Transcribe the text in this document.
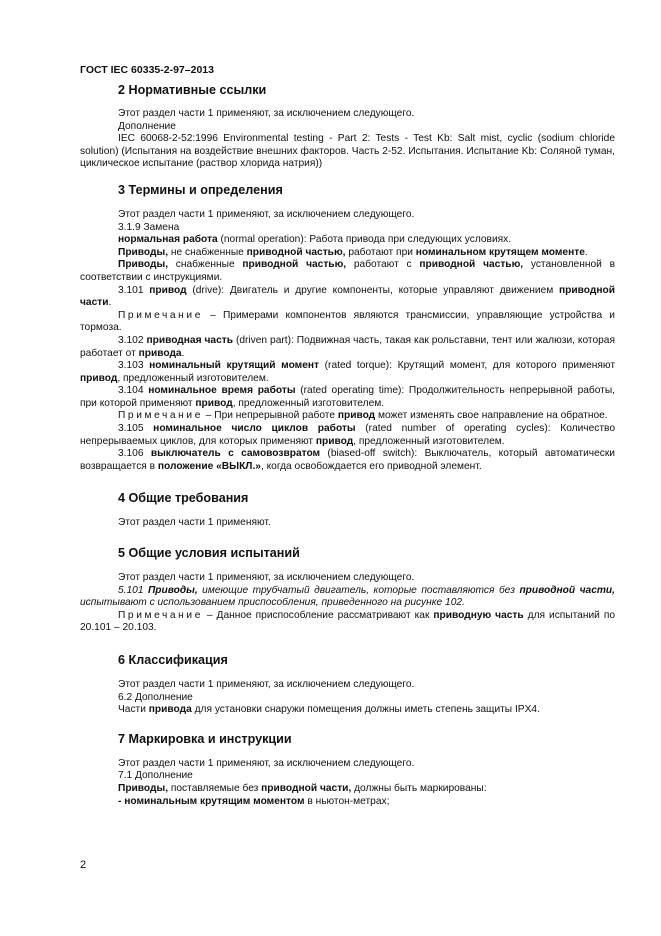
ГОСТ IEC 60335-2-97–2013
2 Нормативные ссылки

Этот раздел части 1 применяют, за исключением следующего.

Дополнение

IEC 60068-2-52:1996 Environmental testing - Part 2: Tests - Test Kb: Salt mist, cyclic (sodium chloride solution) (Испытания на воздействие внешних факторов. Часть 2-52. Испытания. Испытание Kb: Соляной туман, циклическое испытание (раствор хлорида натрия))

3 Термины и определения

Этот раздел части 1 применяют, за исключением следующего.

3.1.9 Замена

нормальная работа (normal operation): Работа привода при следующих условиях.

Приводы, не снабженные приводной частью, работают при номинальном крутящем моменте.

Приводы, снабженные приводной частью, работают с приводной частью, установленной в соответствии с инструкциями.

3.101 привод (drive): Двигатель и другие компоненты, которые управляют движением приводной части.

Примечание – Примерами компонентов являются трансмиссии, управляющие устройства и тормоза.

3.102 приводная часть (driven part): Подвижная часть, такая как рольставни, тент или жалюзи, которая работает от привода.

3.103 номинальный крутящий момент (rated torque): Крутящий момент, для которого применяют привод, предложенный изготовителем.

3.104 номинальное время работы (rated operating time): Продолжительность непрерывной работы, при которой применяют привод, предложенный изготовителем.

Примечание – При непрерывной работе привод может изменять свое направление на обратное.

3.105 номинальное число циклов работы (rated number of operating cycles): Количество непрерываемых циклов, для которых применяют привод, предложенный изготовителем.

3.106 выключатель с самовозвратом (biased-off switch): Выключатель, который автоматически возвращается в положение «ВЫКЛ.», когда освобождается его приводной элемент.

4 Общие требования

Этот раздел части 1 применяют.

5 Общие условия испытаний

Этот раздел части 1 применяют, за исключением следующего.

5.101 Приводы, имеющие трубчатый двигатель, которые поставляются без приводной части, испытывают с использованием приспособления, приведенного на рисунке 102.

Примечание – Данное приспособление рассматривают как приводную часть для испытаний по 20.101 – 20.103.

6 Классификация

Этот раздел части 1 применяют, за исключением следующего.

6.2 Дополнение

Части привода для установки снаружи помещения должны иметь степень защиты IPX4.

7 Маркировка и инструкции

Этот раздел части 1 применяют, за исключением следующего.

7.1 Дополнение

Приводы, поставляемые без приводной части, должны быть маркированы:

- номинальным крутящим моментом в ньютон-метрах;

2
